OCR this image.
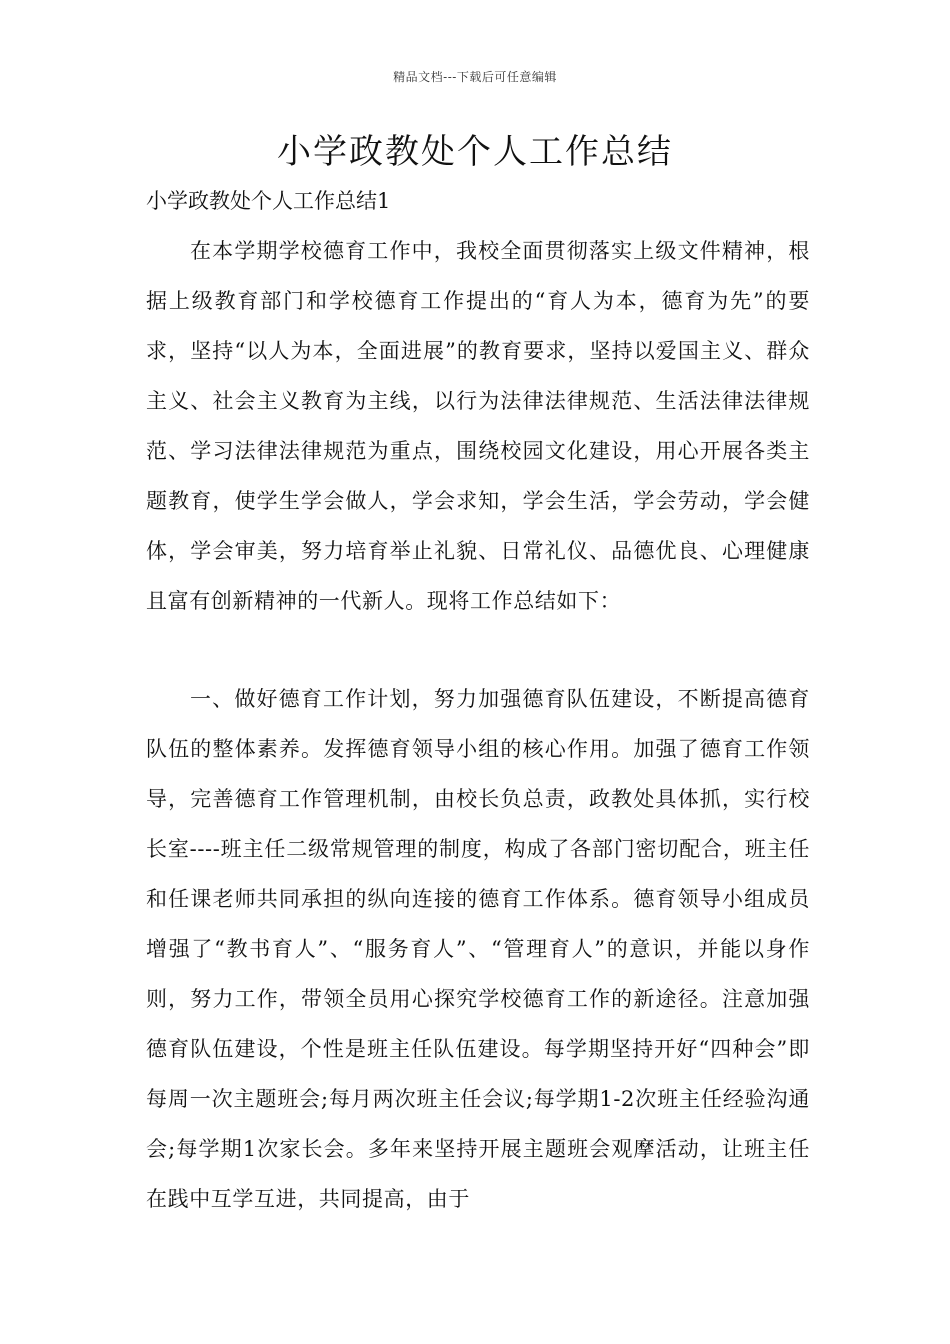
精品文档---下载后可任意编辑
小学政教处个人工作总结

小学政教处个人工作总结1

在本学期学校德育工作中，我校全面贯彻落实上级文件精神，根据上级教育部门和学校德育工作提出的“育人为本，德育为先”的要求，坚持“以人为本，全面进展”的教育要求，坚持以爱国主义、群众主义、社会主义教育为主线，以行为法律法律规范、生活法律法律规范、学习法律法律规范为重点，围绕校园文化建设，用心开展各类主题教育，使学生学会做人，学会求知，学会生活，学会劳动，学会健体，学会审美，努力培育举止礼貌、日常礼仪、品德优良、心理健康且富有创新精神的一代新人。现将工作总结如下：

一、做好德育工作计划，努力加强德育队伍建设，不断提高德育队伍的整体素养。发挥德育领导小组的核心作用。加强了德育工作领导，完善德育工作管理机制，由校长负总责，政教处具体抓，实行校长室----班主任二级常规管理的制度，构成了各部门密切配合，班主任和任课老师共同承担的纵向连接的德育工作体系。德育领导小组成员增强了“教书育人”、“服务育人”、“管理育人”的意识，并能以身作则，努力工作，带领全员用心探究学校德育工作的新途径。注意加强德育队伍建设，个性是班主任队伍建设。每学期坚持开好“四种会”即每周一次主题班会;每月两次班主任会议;每学期1-2次班主任经验沟通会;每学期1次家长会。多年来坚持开展主题班会观摩活动，让班主任在践中互学互进，共同提高，由于
